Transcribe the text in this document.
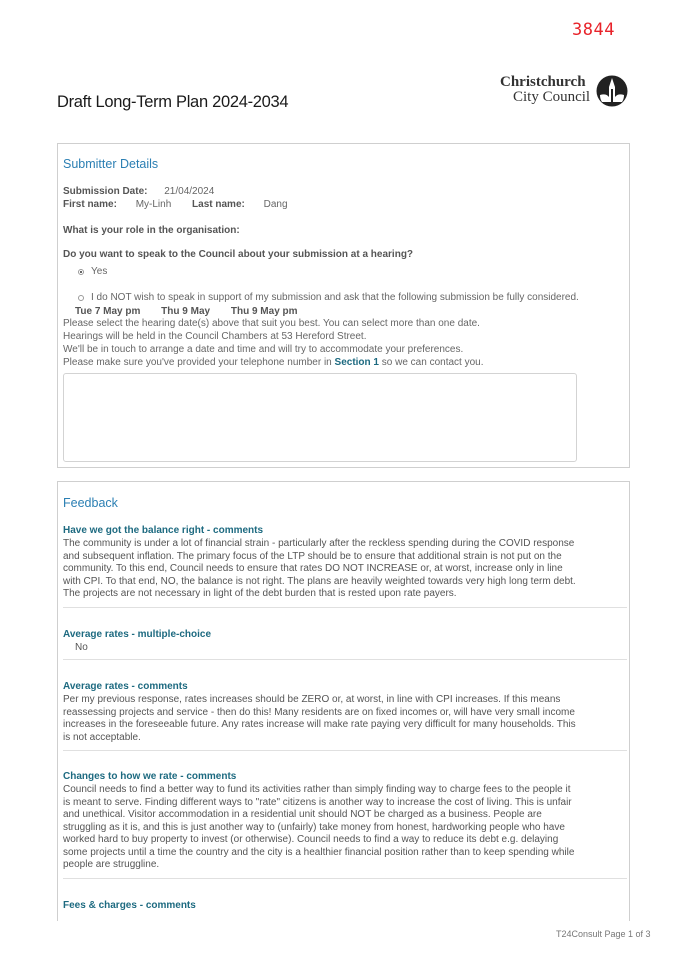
3844
Christchurch
City Council
Draft Long-Term Plan 2024-2034
Submitter Details
Submission Date: 21/04/2024
First name: My-Linh Last name: Dang
What is your role in the organisation:
Do you want to speak to the Council about your submission at a hearing?
Yes
I do NOT wish to speak in support of my submission and ask that the following submission be fully considered.
Tue 7 May pm Thu 9 May Thu 9 May pm
Please select the hearing date(s) above that suit you best. You can select more than one date.
Hearings will be held in the Council Chambers at 53 Hereford Street.
We'll be in touch to arrange a date and time and will try to accommodate your preferences.
Please make sure you've provided your telephone number in Section 1 so we can contact you.
Feedback
Have we got the balance right - comments
The community is under a lot of financial strain - particularly after the reckless spending during the COVID response and subsequent inflation. The primary focus of the LTP should be to ensure that additional strain is not put on the community. To this end, Council needs to ensure that rates DO NOT INCREASE or, at worst, increase only in line with CPI. To that end, NO, the balance is not right. The plans are heavily weighted towards very high long term debt. The projects are not necessary in light of the debt burden that is rested upon rate payers.
Average rates - multiple-choice
No
Average rates - comments
Per my previous response, rates increases should be ZERO or, at worst, in line with CPI increases. If this means reassessing projects and service - then do this! Many residents are on fixed incomes or, will have very small income increases in the foreseeable future. Any rates increase will make rate paying very difficult for many households. This is not acceptable.
Changes to how we rate - comments
Council needs to find a better way to fund its activities rather than simply finding way to charge fees to the people it is meant to serve. Finding different ways to "rate" citizens is another way to increase the cost of living. This is unfair and unethical. Visitor accommodation in a residential unit should NOT be charged as a business. People are struggling as it is, and this is just another way to (unfairly) take money from honest, hardworking people who have worked hard to buy property to invest (or otherwise). Council needs to find a way to reduce its debt e.g. delaying some projects until a time the country and the city is a healthier financial position rather than to keep spending while people are struggline.
Fees & charges - comments
T24Consult Page 1 of 3
